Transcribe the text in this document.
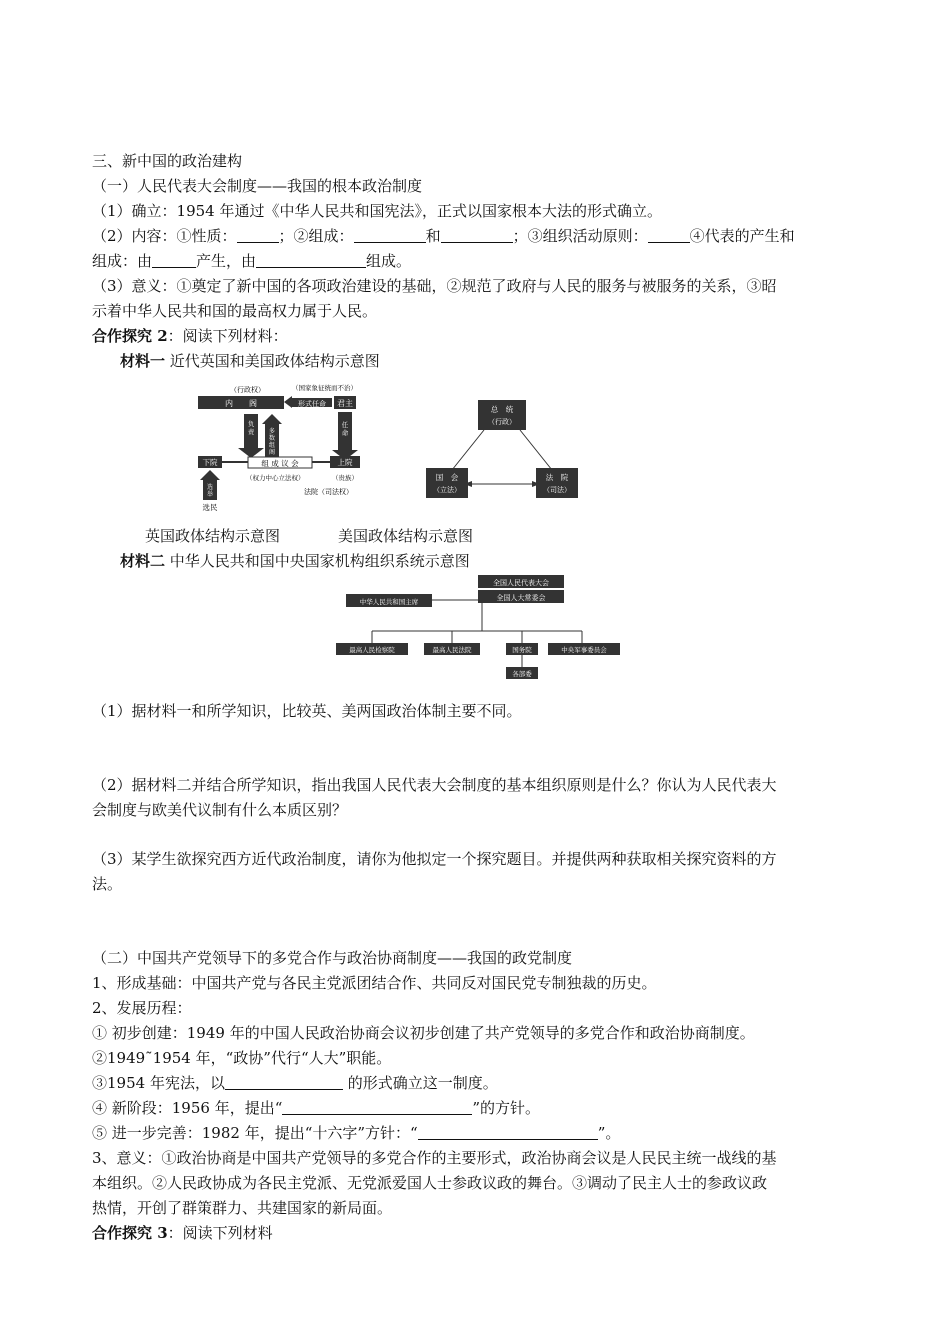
三、新中国的政治建构
（一）人民代表大会制度——我国的根本政治制度
（1）确立：1954 年通过《中华人民共和国宪法》，正式以国家根本大法的形式确立。
（2）内容：①性质：	；②组成：	和	；③组织活动原则：	④代表的产生和
组成：由	产生，由	组成。
（3）意义：①奠定了新中国的各项政治建设的基础，②规范了政府与人民的服务与被服务的关系，③昭
示着中华人民共和国的最高权力属于人民。
合作探究 2：阅读下列材料：
材料一 近代英国和美国政体结构示意图
（行政权）	（国家象征统而不治）
内　　阁	形式任命 君主
负责 多数组阁
任命
下院	组 成 议 会	上院
（权力中心立法权）	（贵族）
选举
选民
法院（司法权）
总　统
（行政）
国　会
（立法）
法　院
（司法）
英国政体结构示意图	美国政体结构示意图
材料二 中华人民共和国中央国家机构组织系统示意图
全国人民代表大会
全国人大常委会
中华人民共和国主席
最高人民检察院	最高人民法院	国务院	中央军事委员会
各部委
（1）据材料一和所学知识，比较英、美两国政治体制主要不同。
（2）据材料二并结合所学知识，指出我国人民代表大会制度的基本组织原则是什么？你认为人民代表大
会制度与欧美代议制有什么本质区别？
（3）某学生欲探究西方近代政治制度，请你为他拟定一个探究题目。并提供两种获取相关探究资料的方
法。
（二）中国共产党领导下的多党合作与政治协商制度——我国的政党制度
1、形成基础：中国共产党与各民主党派团结合作、共同反对国民党专制独裁的历史。
2、发展历程：
① 初步创建：1949 年的中国人民政治协商会议初步创建了共产党领导的多党合作和政治协商制度。
②1949˜1954 年，“政协”代行“人大”职能。
③1954 年宪法，以	的形式确立这一制度。
④ 新阶段：1956 年，提出“	”的方针。
⑤ 进一步完善：1982 年，提出“十六字”方针：“	”。
3、意义：①政治协商是中国共产党领导的多党合作的主要形式，政治协商会议是人民民主统一战线的基
本组织。②人民政协成为各民主党派、无党派爱国人士参政议政的舞台。③调动了民主人士的参政议政
热情，开创了群策群力、共建国家的新局面。
合作探究 3：阅读下列材料
